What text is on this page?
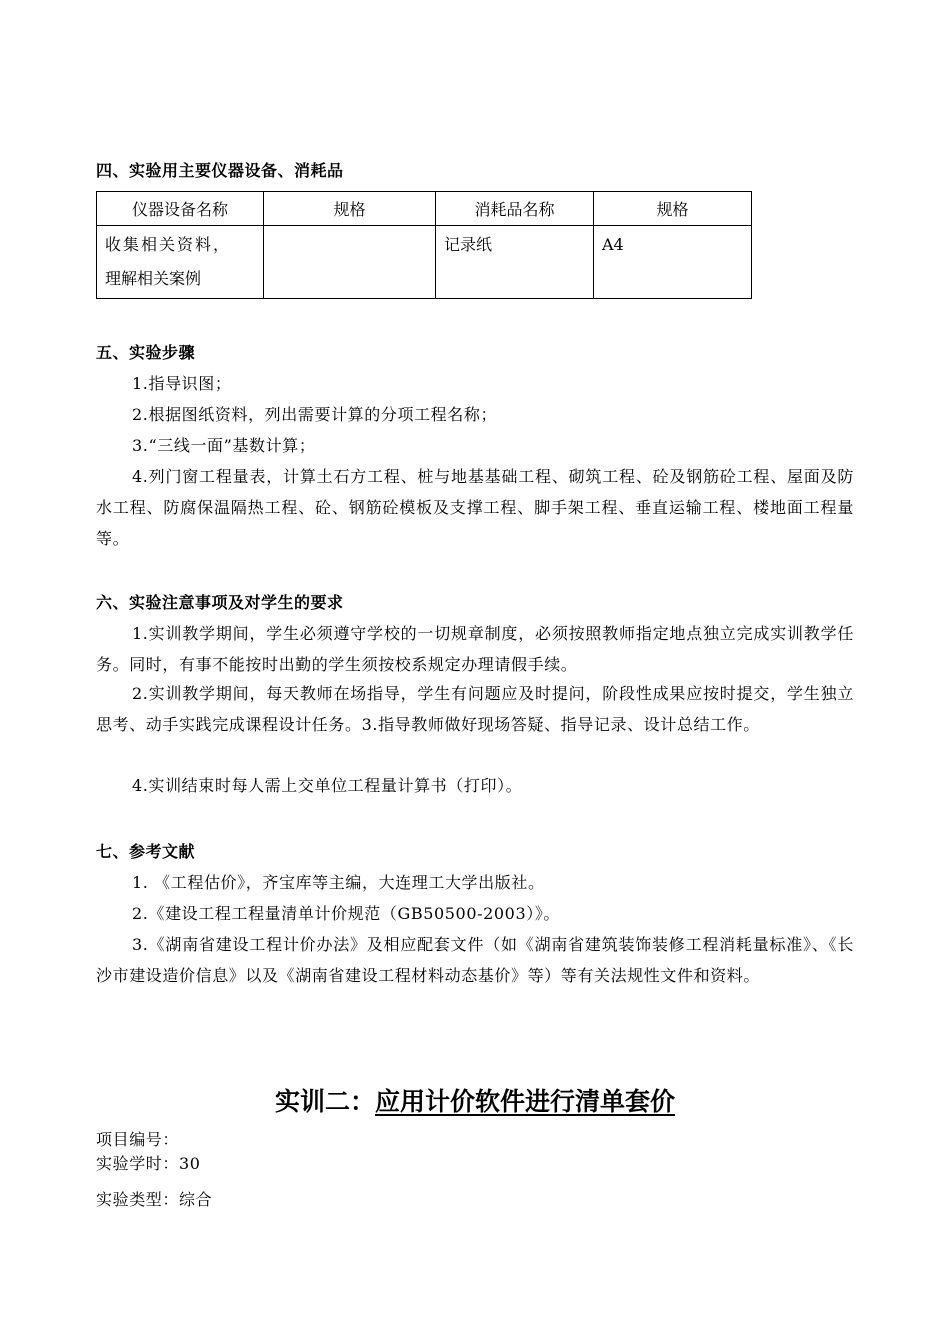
四、实验用主要仪器设备、消耗品
仪器设备名称	规格	消耗品名称	规格

收集相关资料，
理解相关案例		记录纸	A4
五、实验步骤
1.指导识图；
2.根据图纸资料，列出需要计算的分项工程名称；
3.“三线一面”基数计算；
4.列门窗工程量表，计算土石方工程、桩与地基基础工程、砌筑工程、砼及钢筋砼工程、屋面及防水工程、防腐保温隔热工程、砼、钢筋砼模板及支撑工程、脚手架工程、垂直运输工程、楼地面工程量等。
六、实验注意事项及对学生的要求
1.实训教学期间，学生必须遵守学校的一切规章制度，必须按照教师指定地点独立完成实训教学任务。同时，有事不能按时出勤的学生须按校系规定办理请假手续。
2.实训教学期间，每天教师在场指导，学生有问题应及时提问，阶段性成果应按时提交，学生独立思考、动手实践完成课程设计任务。3.指导教师做好现场答疑、指导记录、设计总结工作。
4.实训结束时每人需上交单位工程量计算书（打印）。
七、参考文献
1. 《工程估价》，齐宝库等主编，大连理工大学出版社。
2.《建设工程工程量清单计价规范（GB50500-2003）》。
3.《湖南省建设工程计价办法》及相应配套文件（如《湖南省建筑装饰装修工程消耗量标准》、《长沙市建设造价信息》以及《湖南省建设工程材料动态基价》等）等有关法规性文件和资料。
实训二：应用计价软件进行清单套价
项目编号：
实验学时：30
实验类型：综合
